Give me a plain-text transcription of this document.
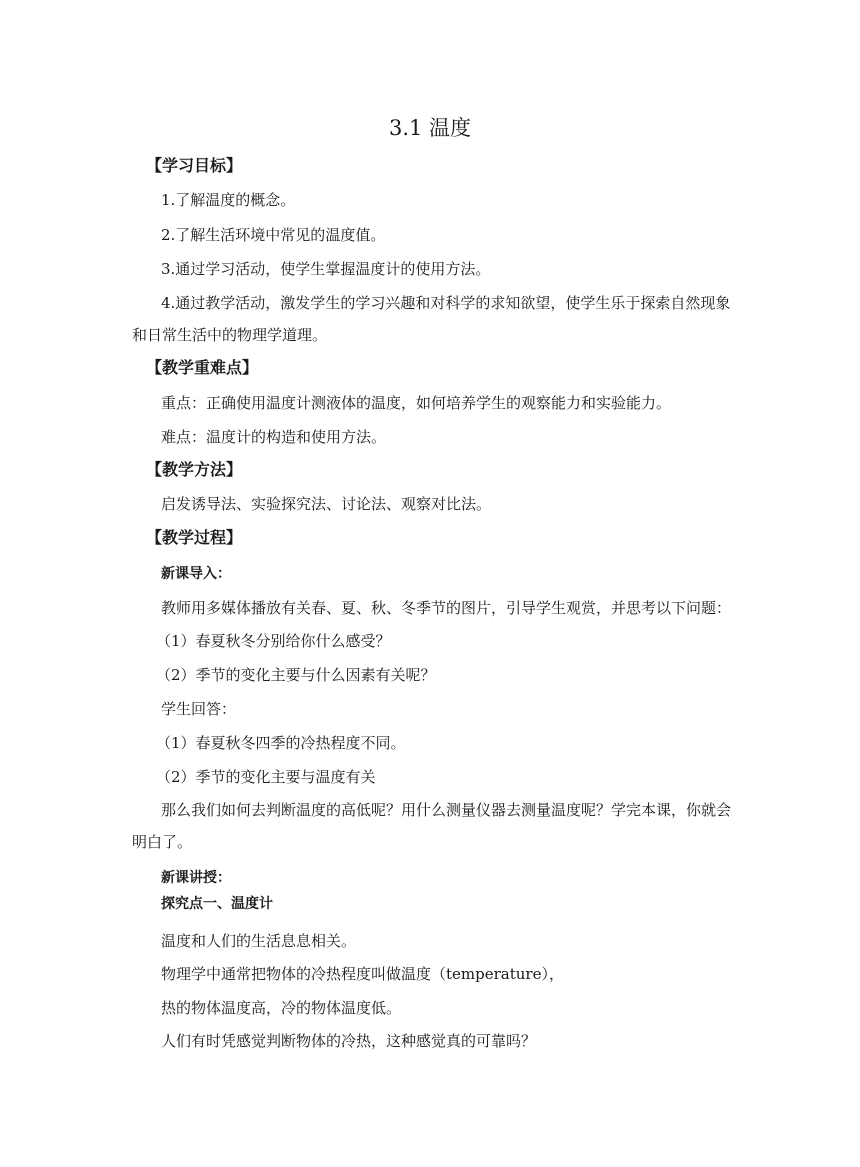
3.1 温度
【学习目标】
1.了解温度的概念。
2.了解生活环境中常见的温度值。
3.通过学习活动，使学生掌握温度计的使用方法。
4.通过教学活动，激发学生的学习兴趣和对科学的求知欲望，使学生乐于探索自然现象
和日常生活中的物理学道理。
【教学重难点】
重点：正确使用温度计测液体的温度，如何培养学生的观察能力和实验能力。
难点：温度计的构造和使用方法。
【教学方法】
启发诱导法、实验探究法、讨论法、观察对比法。
【教学过程】
新课导入：
教师用多媒体播放有关春、夏、秋、冬季节的图片，引导学生观赏，并思考以下问题：
（1）春夏秋冬分别给你什么感受？
（2）季节的变化主要与什么因素有关呢？
学生回答：
（1）春夏秋冬四季的冷热程度不同。
（2）季节的变化主要与温度有关
那么我们如何去判断温度的高低呢？用什么测量仪器去测量温度呢？学完本课，你就会
明白了。
新课讲授：
探究点一、温度计
温度和人们的生活息息相关。
物理学中通常把物体的冷热程度叫做温度（temperature），
热的物体温度高，冷的物体温度低。
人们有时凭感觉判断物体的冷热，这种感觉真的可靠吗？
